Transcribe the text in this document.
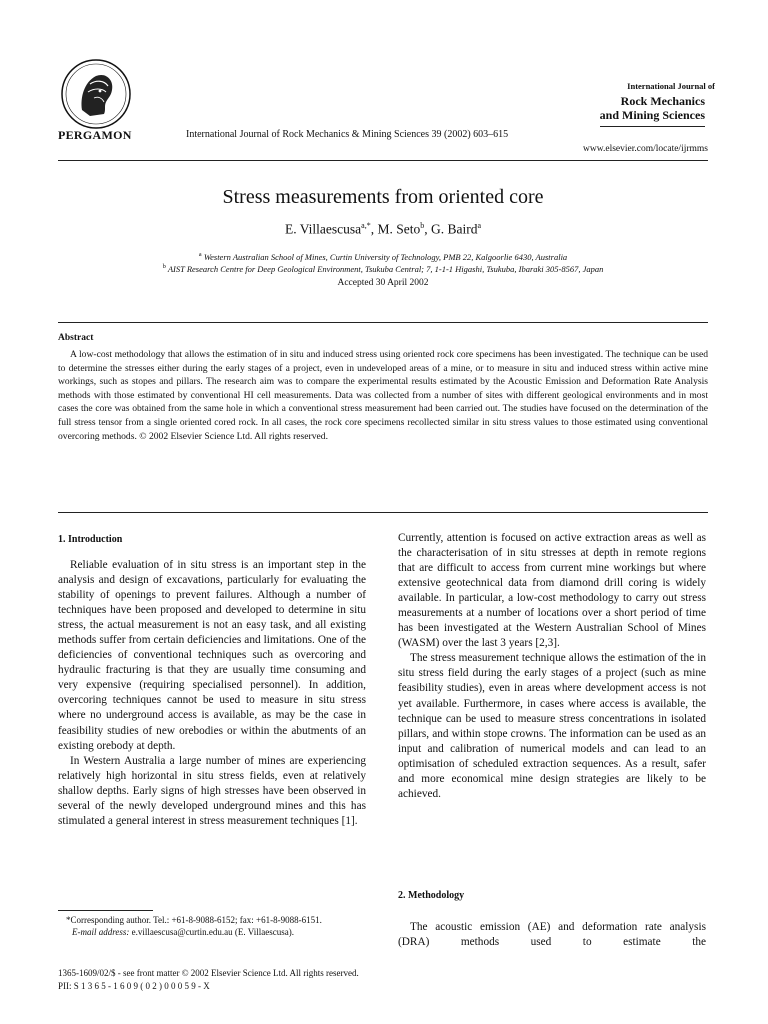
PERGAMON	International Journal of Rock Mechanics & Mining Sciences 39 (2002) 603–615
International Journal of
Rock Mechanics
and Mining Sciences
www.elsevier.com/locate/ijrmms
Stress measurements from oriented core
E. Villaescusa$^{a,*}$, M. Seto$^b$, G. Baird$^a$
$^a$ Western Australian School of Mines, Curtin University of Technology, PMB 22, Kalgoorlie 6430, Australia
$^b$ AIST Research Centre for Deep Geological Environment, Tsukuba Central; 7, 1-1-1 Higashi, Tsukuba, Ibaraki 305-8567, Japan
Accepted 30 April 2002
Abstract
A low-cost methodology that allows the estimation of in situ and induced stress using oriented rock core specimens has been investigated. The technique can be used to determine the stresses either during the early stages of a project, even in undeveloped areas of a mine, or to measure in situ and induced stress within active mine workings, such as stopes and pillars. The research aim was to compare the experimental results estimated by the Acoustic Emission and Deformation Rate Analysis methods with those estimated by conventional HI cell measurements. Data was collected from a number of sites with different geological environments and in most cases the core was obtained from the same hole in which a conventional stress measurement had been carried out. The studies have focused on the determination of the full stress tensor from a single oriented cored rock. In all cases, the rock core specimens recollected similar in situ stress values to those estimated using conventional overcoring methods. © 2002 Elsevier Science Ltd. All rights reserved.
1. Introduction

Reliable evaluation of in situ stress is an important step in the analysis and design of excavations, particularly for evaluating the stability of openings to prevent failures. Although a number of techniques have been proposed and developed to determine in situ stress, the actual measurement is not an easy task, and all existing methods suffer from certain deficiencies and limitations. One of the deficiencies of conventional techniques such as overcoring and hydraulic fracturing is that they are usually time consuming and very expensive (requiring specialised personnel). In addition, overcoring techniques cannot be used to measure in situ stress where no underground access is available, as may be the case in feasibility studies of new orebodies or within the abutments of an existing orebody at depth.

In Western Australia a large number of mines are experiencing relatively high horizontal in situ stress fields, even at relatively shallow depths. Early signs of high stresses have been observed in several of the newly developed underground mines and this has stimulated a general interest in stress measurement techniques [1].

Currently, attention is focused on active extraction areas as well as the characterisation of in situ stresses at depth in remote regions that are difficult to access from current mine workings but where extensive geotechnical data from diamond drill coring is widely available. In particular, a low-cost methodology to carry out stress measurements at a number of locations over a short period of time has been investigated at the Western Australian School of Mines (WASM) over the last 3 years [2,3].

The stress measurement technique allows the estimation of the in situ stress field during the early stages of a project (such as mine feasibility studies), even in areas where development access is not yet available. Furthermore, in cases where access is available, the technique can be used to measure stress concentrations in isolated pillars, and within stope crowns. The information can be used as an input and calibration of numerical models and can lead to an optimisation of scheduled extraction sequences. As a result, safer and more economical mine design strategies are likely to be achieved.

2. Methodology

The acoustic emission (AE) and deformation rate analysis (DRA) methods used to estimate the

*Corresponding author. Tel.: +61-8-9088-6152; fax: +61-8-9088-6151.
E-mail address: e.villaescusa@curtin.edu.au (E. Villaescusa).
1365-1609/02/$ - see front matter © 2002 Elsevier Science Ltd. All rights reserved.
PII: S 1 3 6 5 - 1 6 0 9 ( 0 2 ) 0 0 0 5 9 - X
